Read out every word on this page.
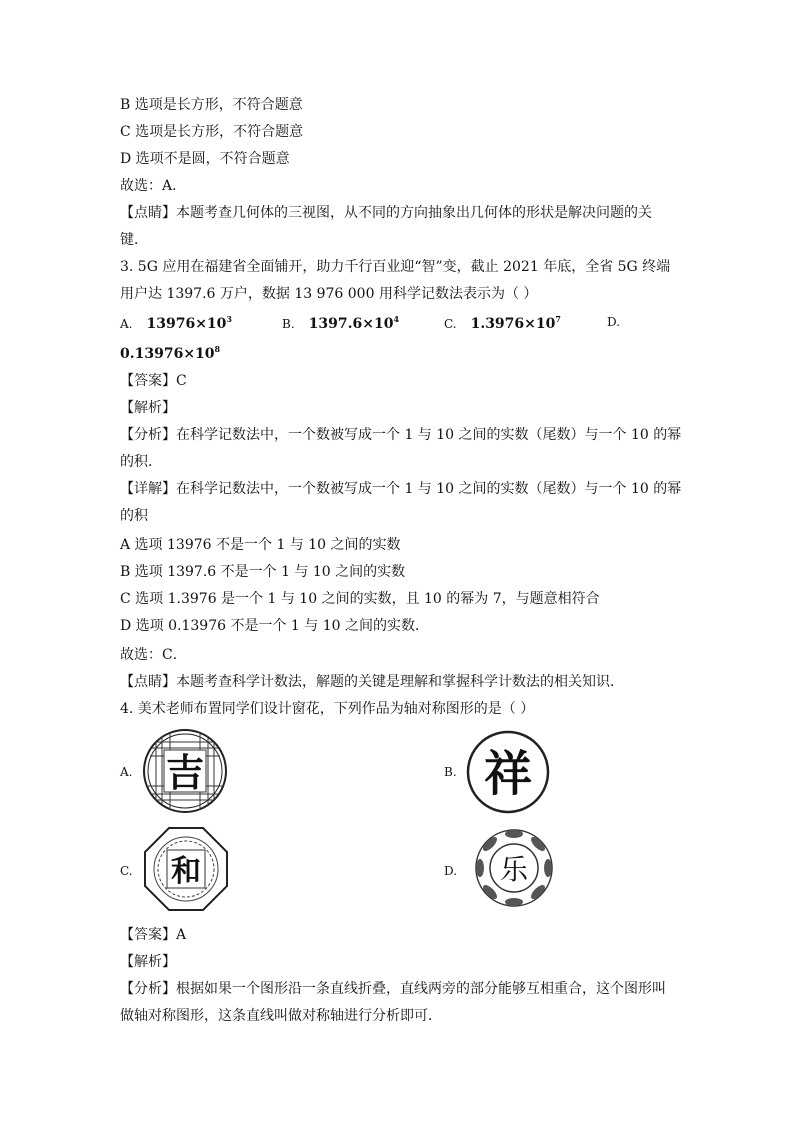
B 选项是长方形，不符合题意
C 选项是长方形，不符合题意
D 选项不是圆，不符合题意
故选：A．
【点睛】本题考查几何体的三视图，从不同的方向抽象出几何体的形状是解决问题的关
键．
3. 5G 应用在福建省全面铺开，助力千行百业迎“智”变，截止 2021 年底，全省 5G 终端
用户达 1397.6 万户，数据 13 976 000 用科学记数法表示为（ ）
A. $13976\times 10^3$	B. $1397.6\times 10^4$	C. $1.3976\times 10^7$	D.
$0.13976\times 10^8$
【答案】C
【解析】
【分析】在科学记数法中，一个数被写成一个 1 与 10 之间的实数（尾数）与一个 10 的幂
的积．
【详解】在科学记数法中，一个数被写成一个 1 与 10 之间的实数（尾数）与一个 10 的幂
的积
A 选项 13976 不是一个 1 与 10 之间的实数
B 选项 1397.6 不是一个 1 与 10 之间的实数
C 选项 1.3976 是一个 1 与 10 之间的实数，且 10 的幂为 7，与题意相符合
D 选项 0.13976 不是一个 1 与 10 之间的实数．
故选：C．
【点睛】本题考查科学计数法，解题的关键是理解和掌握科学计数法的相关知识．
4. 美术老师布置同学们设计窗花，下列作品为轴对称图形的是（ ）
A. 吉	B. 祥
C. 和	D. 乐
【答案】A
【解析】
【分析】根据如果一个图形沿一条直线折叠，直线两旁的部分能够互相重合，这个图形叫
做轴对称图形，这条直线叫做对称轴进行分析即可．
